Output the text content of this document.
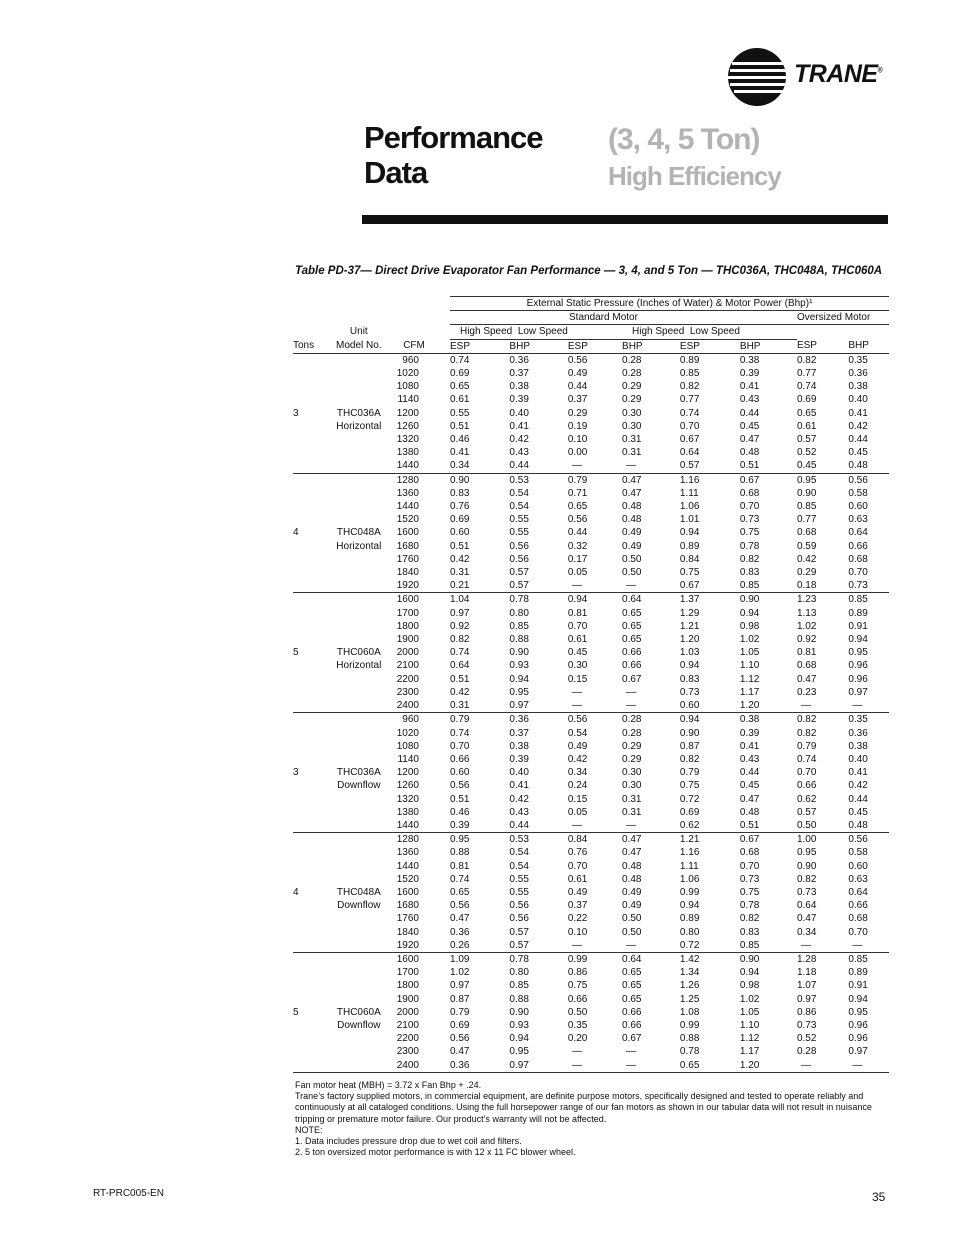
TRANE®
Performance
Data
(3, 4, 5 Ton)
High Efficiency
Table PD-37— Direct Drive Evaporator Fan Performance — 3, 4, and 5 Ton — THC036A, THC048A, THC060A
			External Static Pressure (Inches of Water) & Motor Power (Bhp)¹							
			Standard Motor						Oversized Motor	
	Unit		High Speed Low Speed			High Speed Low Speed				
Tons	Model No.	CFM	ESP	BHP	ESP	BHP	ESP	BHP	ESP	BHP
		960	0.74	0.36	0.56	0.28	0.89	0.38	0.82	0.35
		1020	0.69	0.37	0.49	0.28	0.85	0.39	0.77	0.36
		1080	0.65	0.38	0.44	0.29	0.82	0.41	0.74	0.38
		1140	0.61	0.39	0.37	0.29	0.77	0.43	0.69	0.40
3	THC036A	1200	0.55	0.40	0.29	0.30	0.74	0.44	0.65	0.41
	Horizontal	1260	0.51	0.41	0.19	0.30	0.70	0.45	0.61	0.42
		1320	0.46	0.42	0.10	0.31	0.67	0.47	0.57	0.44
		1380	0.41	0.43	0.00	0.31	0.64	0.48	0.52	0.45
		1440	0.34	0.44	—	—	0.57	0.51	0.45	0.48
		1280	0.90	0.53	0.79	0.47	1.16	0.67	0.95	0.56
		1360	0.83	0.54	0.71	0.47	1.11	0.68	0.90	0.58
		1440	0.76	0.54	0.65	0.48	1.06	0.70	0.85	0.60
		1520	0.69	0.55	0.56	0.48	1.01	0.73	0.77	0.63
4	THC048A	1600	0.60	0.55	0.44	0.49	0.94	0.75	0.68	0.64
	Horizontal	1680	0.51	0.56	0.32	0.49	0.89	0.78	0.59	0.66
		1760	0.42	0.56	0.17	0.50	0.84	0.82	0.42	0.68
		1840	0.31	0.57	0.05	0.50	0.75	0.83	0.29	0.70
		1920	0.21	0.57	—	—	0.67	0.85	0.18	0.73
		1600	1.04	0.78	0.94	0.64	1.37	0.90	1.23	0.85
		1700	0.97	0.80	0.81	0.65	1.29	0.94	1.13	0.89
		1800	0.92	0.85	0.70	0.65	1.21	0.98	1.02	0.91
		1900	0.82	0.88	0.61	0.65	1.20	1.02	0.92	0.94
5	THC060A	2000	0.74	0.90	0.45	0.66	1.03	1.05	0.81	0.95
	Horizontal	2100	0.64	0.93	0.30	0.66	0.94	1.10	0.68	0.96
		2200	0.51	0.94	0.15	0.67	0.83	1.12	0.47	0.96
		2300	0.42	0.95	—	—	0.73	1.17	0.23	0.97
		2400	0.31	0.97	—	—	0.60	1.20	—	—
		960	0.79	0.36	0.56	0.28	0.94	0.38	0.82	0.35
		1020	0.74	0.37	0.54	0.28	0.90	0.39	0.82	0.36
		1080	0.70	0.38	0.49	0.29	0.87	0.41	0.79	0.38
		1140	0.66	0.39	0.42	0.29	0.82	0.43	0.74	0.40
3	THC036A	1200	0.60	0.40	0.34	0.30	0.79	0.44	0.70	0.41
	Downflow	1260	0.56	0.41	0.24	0.30	0.75	0.45	0.66	0.42
		1320	0.51	0.42	0.15	0.31	0.72	0.47	0.62	0.44
		1380	0.46	0.43	0.05	0.31	0.69	0.48	0.57	0.45
		1440	0.39	0.44	—	—	0.62	0.51	0.50	0.48
		1280	0.95	0.53	0.84	0.47	1.21	0.67	1.00	0.56
		1360	0.88	0.54	0.76	0.47	1.16	0.68	0.95	0.58
		1440	0.81	0.54	0.70	0.48	1.11	0.70	0.90	0.60
		1520	0.74	0.55	0.61	0.48	1.06	0.73	0.82	0.63
4	THC048A	1600	0.65	0.55	0.49	0.49	0.99	0.75	0.73	0.64
	Downflow	1680	0.56	0.56	0.37	0.49	0.94	0.78	0.64	0.66
		1760	0.47	0.56	0.22	0.50	0.89	0.82	0.47	0.68
		1840	0.36	0.57	0.10	0.50	0.80	0.83	0.34	0.70
		1920	0.26	0.57	—	—	0.72	0.85	—	—
		1600	1.09	0.78	0.99	0.64	1.42	0.90	1.28	0.85
		1700	1.02	0.80	0.86	0.65	1.34	0.94	1.18	0.89
		1800	0.97	0.85	0.75	0.65	1.26	0.98	1.07	0.91
		1900	0.87	0.88	0.66	0.65	1.25	1.02	0.97	0.94
5	THC060A	2000	0.79	0.90	0.50	0.66	1.08	1.05	0.86	0.95
	Downflow	2100	0.69	0.93	0.35	0.66	0.99	1.10	0.73	0.96
		2200	0.56	0.94	0.20	0.67	0.88	1.12	0.52	0.96
		2300	0.47	0.95	—	—	0.78	1.17	0.28	0.97
		2400	0.36	0.97	—	—	0.65	1.20	—	—
Fan motor heat (MBH) = 3.72 x Fan Bhp + .24.
Trane’s factory supplied motors, in commercial equipment, are definite purpose motors, specifically designed and tested to operate reliably and continuously at all cataloged conditions. Using the full horsepower range of our fan motors as shown in our tabular data will not result in nuisance tripping or premature motor failure. Our product’s warranty will not be affected.
NOTE:
1. Data includes pressure drop due to wet coil and filters.
2. 5 ton oversized motor performance is with 12 x 11 FC blower wheel.
RT-PRC005-EN	35
